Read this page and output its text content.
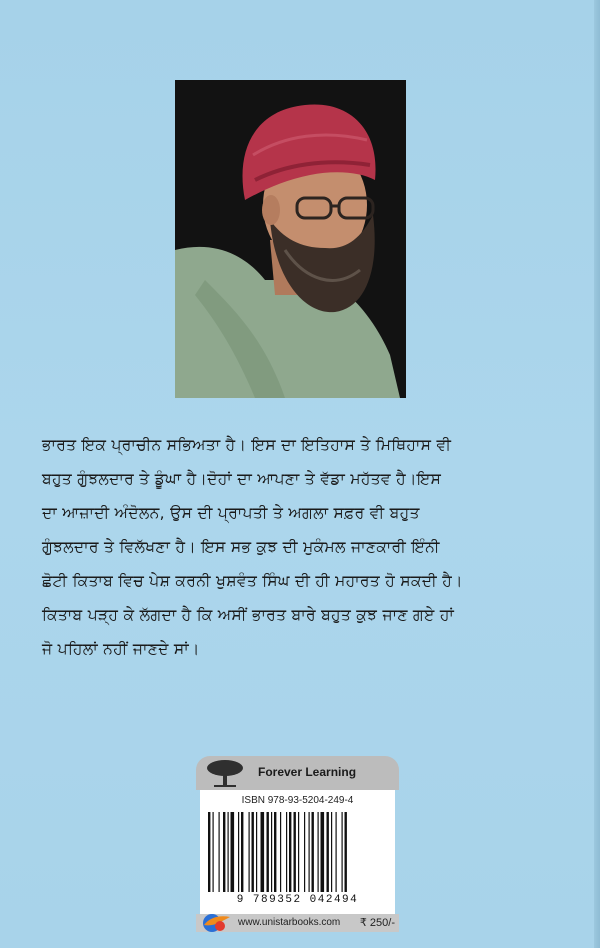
ਭਾਰਤ ਇਕ ਪ੍ਰਾਚੀਨ ਸਭਿਅਤਾ ਹੈ। ਇਸ ਦਾ ਇਤਿਹਾਸ ਤੇ ਮਿਥਿਹਾਸ ਵੀ

ਬਹੁਤ ਗੁੰਝਲਦਾਰ ਤੇ ਡੂੰਘਾ ਹੈ।ਦੋਹਾਂ ਦਾ ਆਪਣਾ ਤੇ ਵੱਡਾ ਮਹੱਤਵ ਹੈ।ਇਸ

ਦਾ ਆਜ਼ਾਦੀ ਅੰਦੋਲਨ, ਉਸ ਦੀ ਪ੍ਰਾਪਤੀ ਤੇ ਅਗਲਾ ਸਫ਼ਰ ਵੀ ਬਹੁਤ

ਗੁੰਝਲਦਾਰ ਤੇ ਵਿਲੱਖਣਾ ਹੈ। ਇਸ ਸਭ ਕੁਝ ਦੀ ਮੁਕੰਮਲ ਜਾਣਕਾਰੀ ਇੰਨੀ

ਛੋਟੀ ਕਿਤਾਬ ਵਿਚ ਪੇਸ਼ ਕਰਨੀ ਖੁਸ਼ਵੰਤ ਸਿੰਘ ਦੀ ਹੀ ਮਹਾਰਤ ਹੋ ਸਕਦੀ ਹੈ।

ਕਿਤਾਬ ਪੜ੍ਹ ਕੇ ਲੱਗਦਾ ਹੈ ਕਿ ਅਸੀਂ ਭਾਰਤ ਬਾਰੇ ਬਹੁਤ ਕੁਝ ਜਾਣ ਗਏ ਹਾਂ

ਜੋ ਪਹਿਲਾਂ ਨਹੀਂ ਜਾਣਦੇ ਸਾਂ।

Forever Learning
ISBN 978-93-5204-249-4
9 789352 042494
www.unistarbooks.com ₹ 250/-
